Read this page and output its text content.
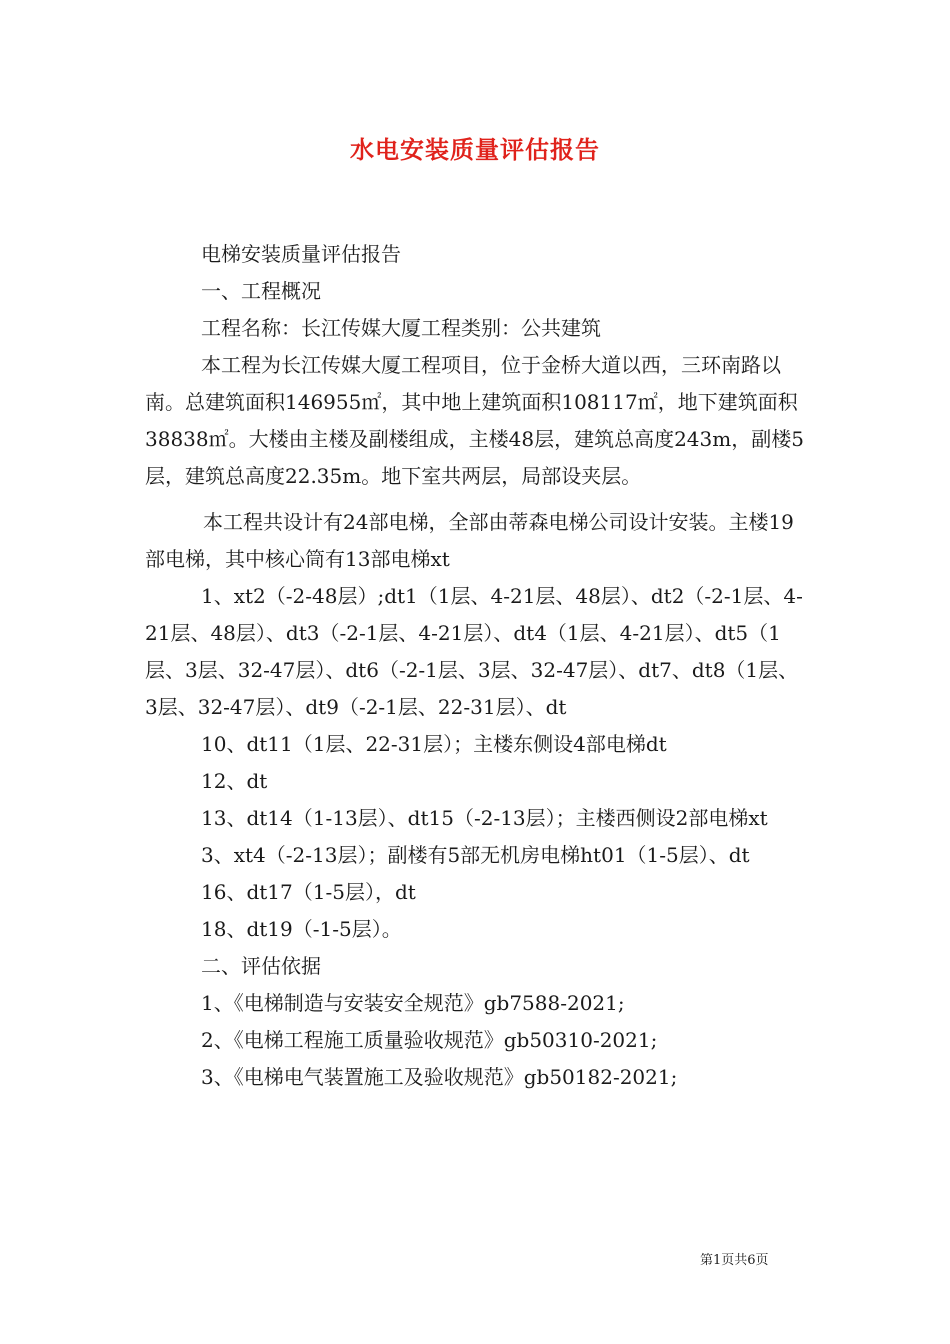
水电安装质量评估报告

电梯安装质量评估报告

一、工程概况

工程名称：长江传媒大厦工程类别：公共建筑

本工程为长江传媒大厦工程项目，位于金桥大道以西，三环南路以南。总建筑面积146955㎡，其中地上建筑面积108117㎡，地下建筑面积38838㎡。大楼由主楼及副楼组成，主楼48层，建筑总高度243m，副楼5层，建筑总高度22.35m。地下室共两层，局部设夹层。

本工程共设计有24部电梯，全部由蒂森电梯公司设计安装。主楼19部电梯，其中核心筒有13部电梯xt

1、xt2（-2-48层）;dt1（1层、4-21层、48层）、dt2（-2-1层、4-21层、48层）、dt3（-2-1层、4-21层）、dt4（1层、4-21层）、dt5（1层、3层、32-47层）、dt6（-2-1层、3层、32-47层）、dt7、dt8（1层、3层、32-47层）、dt9（-2-1层、22-31层）、dt

10、dt11（1层、22-31层）；主楼东侧设4部电梯dt

12、dt

13、dt14（1-13层）、dt15（-2-13层）；主楼西侧设2部电梯xt

3、xt4（-2-13层）；副楼有5部无机房电梯ht01（1-5层）、dt

16、dt17（1-5层），dt

18、dt19（-1-5层）。

二、评估依据

1、《电梯制造与安装安全规范》gb7588-2021;

2、《电梯工程施工质量验收规范》gb50310-2021;

3、《电梯电气装置施工及验收规范》gb50182-2021;

第1页共6页
